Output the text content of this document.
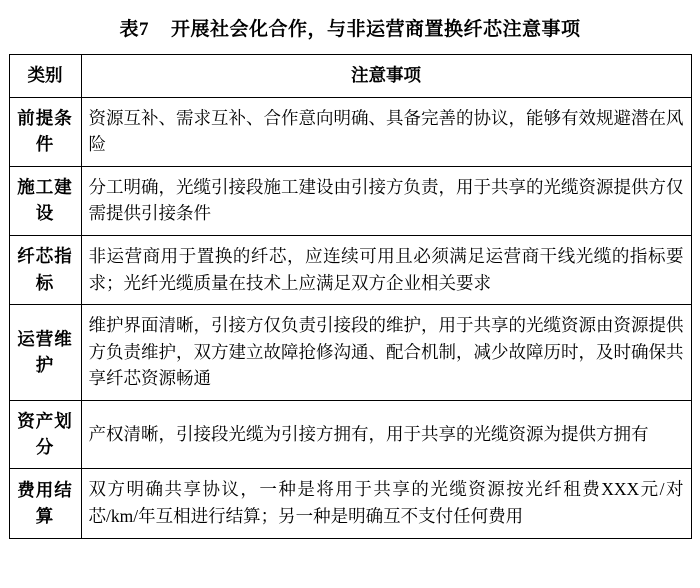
表7 开展社会化合作，与非运营商置换纤芯注意事项
类别	注意事项

前提条件	资源互补、需求互补、合作意向明确、具备完善的协议，能够有效规避潜在风险

施工建设	分工明确，光缆引接段施工建设由引接方负责，用于共享的光缆资源提供方仅需提供引接条件

纤芯指标	非运营商用于置换的纤芯，应连续可用且必须满足运营商干线光缆的指标要求；光纤光缆质量在技术上应满足双方企业相关要求

运营维护	维护界面清晰，引接方仅负责引接段的维护，用于共享的光缆资源由资源提供方负责维护，双方建立故障抢修沟通、配合机制，减少故障历时，及时确保共享纤芯资源畅通

资产划分	产权清晰，引接段光缆为引接方拥有，用于共享的光缆资源为提供方拥有

费用结算	双方明确共享协议，一种是将用于共享的光缆资源按光纤租费XXX元/对芯/km/年互相进行结算；另一种是明确互不支付任何费用
